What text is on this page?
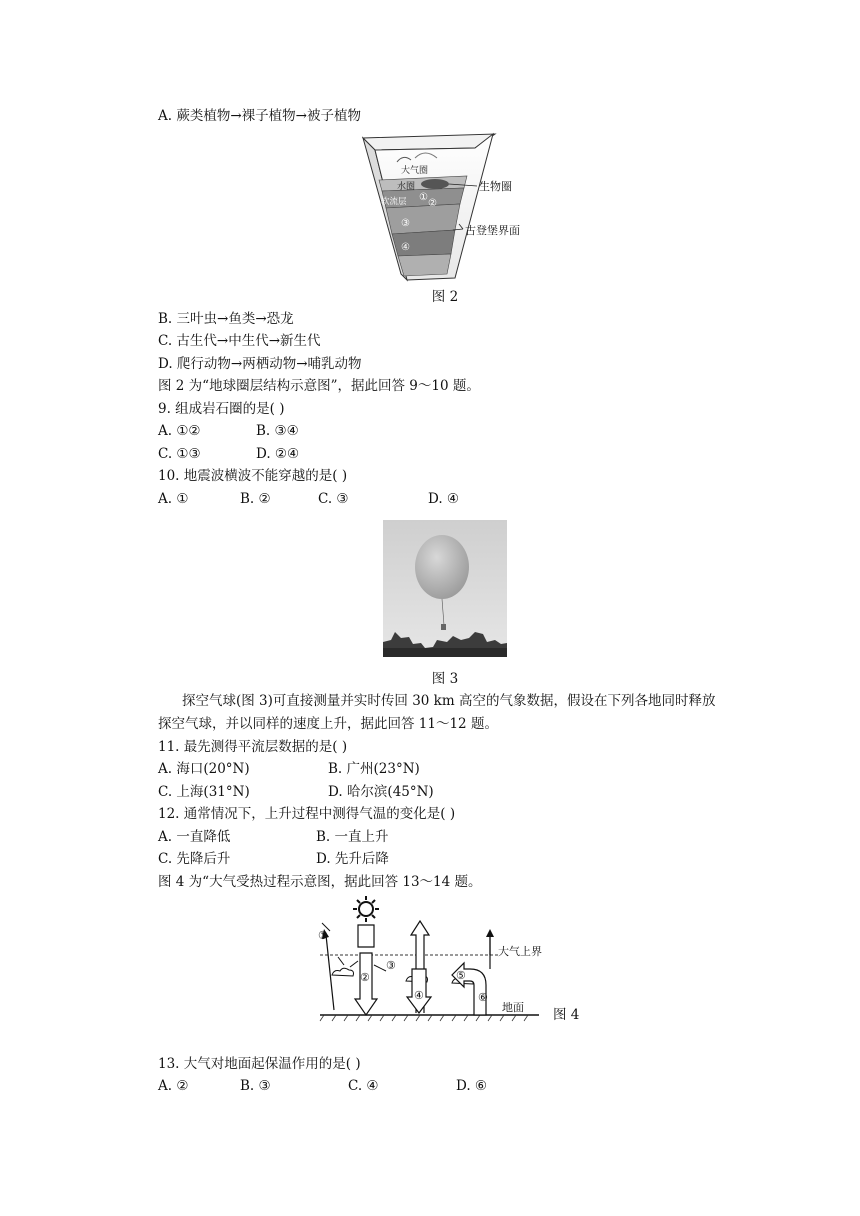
A. 蕨类植物→裸子植物→被子植物
大气圈
水圈
软流层
生物圈
古登堡界面
①
②
③
④
图 2
B. 三叶虫→鱼类→恐龙
C. 古生代→中生代→新生代
D. 爬行动物→两栖动物→哺乳动物
图 2 为“地球圈层结构示意图”，据此回答 9～10 题。
9. 组成岩石圈的是( )
A. ①②	B. ③④
C. ①③	D. ②④
10. 地震波横波不能穿越的是( )
A. ①	B. ②	C. ③	D. ④
图 3
探空气球(图 3)可直接测量并实时传回 30 km 高空的气象数据，假设在下列各地同时释放
探空气球，并以同样的速度上升，据此回答 11～12 题。
11. 最先测得平流层数据的是( )
A. 海口(20°N)	B. 广州(23°N)
C. 上海(31°N)	D. 哈尔滨(45°N)
12. 通常情况下，上升过程中测得气温的变化是( )
A. 一直降低	B. 一直上升
C. 先降后升	D. 先升后降
图 4 为“大气受热过程示意图，据此回答 13～14 题。
①
②
③
④
⑤
⑥
大气上界
地面 图 4
13. 大气对地面起保温作用的是( )
A. ②	B. ③	C. ④	D. ⑥
